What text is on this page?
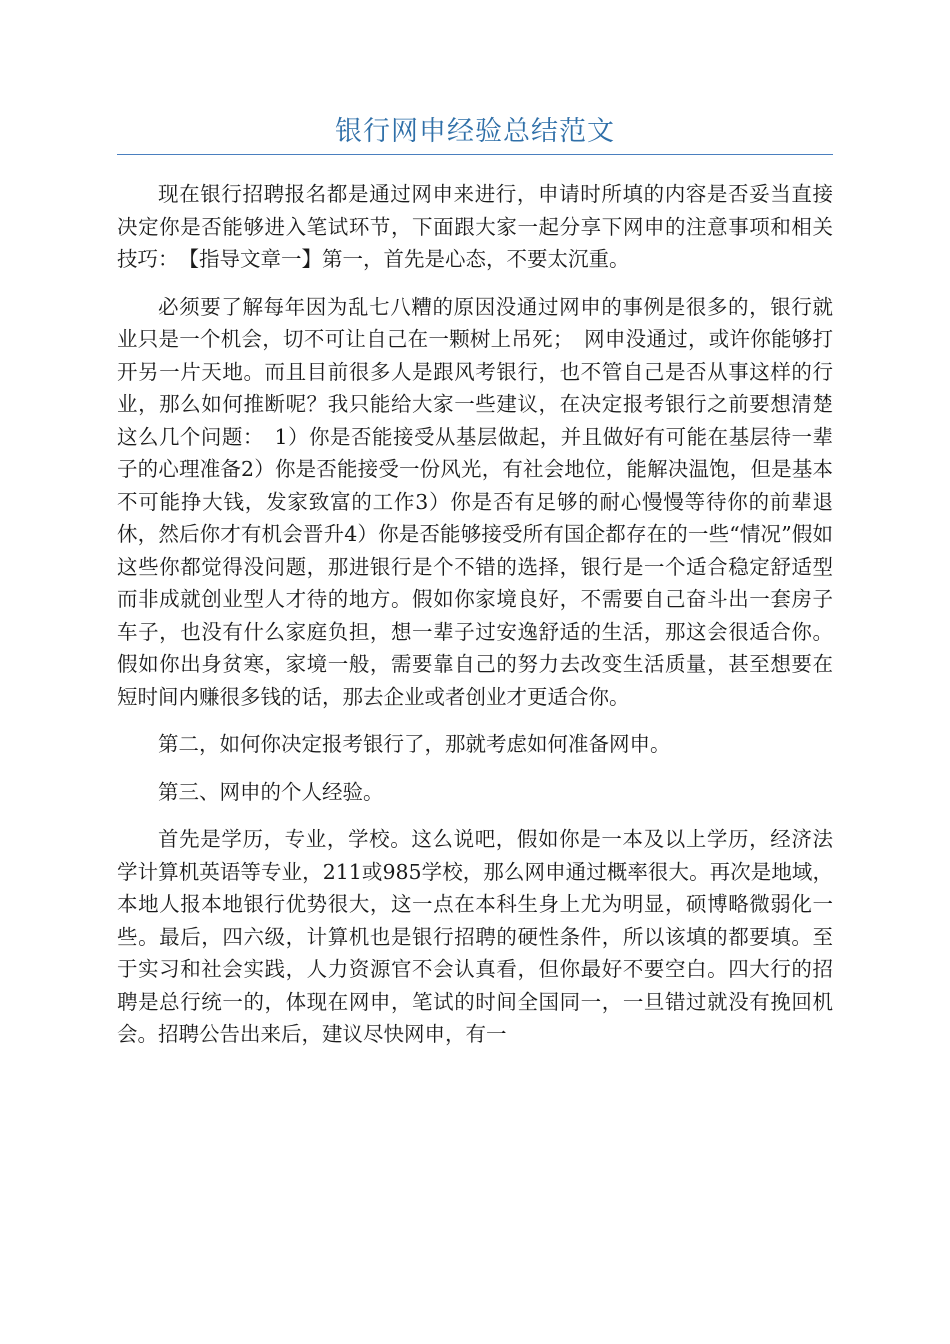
银行网申经验总结范文

现在银行招聘报名都是通过网申来进行，申请时所填的内容是否妥当直接决定你是否能够进入笔试环节，下面跟大家一起分享下网申的注意事项和相关技巧：　【指导文章一】第一，首先是心态，不要太沉重。

必须要了解每年因为乱七八糟的原因没通过网申的事例是很多的，银行就业只是一个机会，切不可让自己在一颗树上吊死；　网申没通过，或许你能够打开另一片天地。而且目前很多人是跟风考银行，也不管自己是否从事这样的行业，那么如何推断呢？我只能给大家一些建议，在决定报考银行之前要想清楚这么几个问题：　1）你是否能接受从基层做起，并且做好有可能在基层待一辈子的心理准备2）你是否能接受一份风光，有社会地位，能解决温饱，但是基本不可能挣大钱，发家致富的工作3）你是否有足够的耐心慢慢等待你的前辈退休，然后你才有机会晋升4）你是否能够接受所有国企都存在的一些“情况”假如这些你都觉得没问题，那进银行是个不错的选择，银行是一个适合稳定舒适型而非成就创业型人才待的地方。假如你家境良好，不需要自己奋斗出一套房子车子，也没有什么家庭负担，想一辈子过安逸舒适的生活，那这会很适合你。假如你出身贫寒，家境一般，需要靠自己的努力去改变生活质量，甚至想要在短时间内赚很多钱的话，那去企业或者创业才更适合你。

第二，如何你决定报考银行了，那就考虑如何准备网申。

第三、网申的个人经验。

首先是学历，专业，学校。这么说吧，假如你是一本及以上学历，经济法学计算机英语等专业，211或985学校，那么网申通过概率很大。再次是地域，本地人报本地银行优势很大，这一点在本科生身上尤为明显，硕博略微弱化一些。最后，四六级，计算机也是银行招聘的硬性条件，所以该填的都要填。至于实习和社会实践，人力资源官不会认真看，但你最好不要空白。四大行的招聘是总行统一的，体现在网申，笔试的时间全国同一，一旦错过就没有挽回机会。招聘公告出来后，建议尽快网申，有一
